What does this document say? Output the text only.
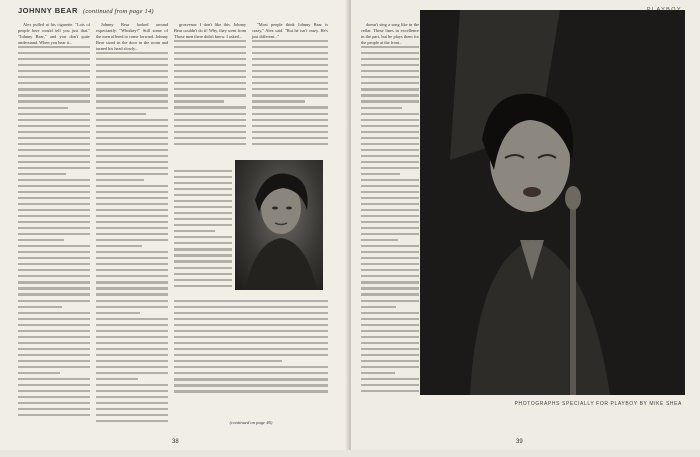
JOHNNY BEAR (continued from page 14)

Alex pulled at his cigarette. "Lots of people here would tell you just that." "Johnny Bear," and you don't quite understand. When you hear it...

Johnny Bear looked around expectantly. "Whiskey?" Still some of the men offered to come forward. Johnny Bear stood in the door in the room and turned his head slowly...

grosvenor. I don't like this. Johnny Bear couldn't do it! Why, they went from Those men there didn't know. I asked...

"Most people think Johnny Bear is crazy," Alex said. "But he isn't crazy. He's just different..."

(continued on page 46)
38

doesn't sing a song like in the cellar. These lines in excellence in the part, but he plays them for the people at the front...

39
PHOTOGRAPHS SPECIALLY FOR PLAYBOY BY MIKE SHEA
